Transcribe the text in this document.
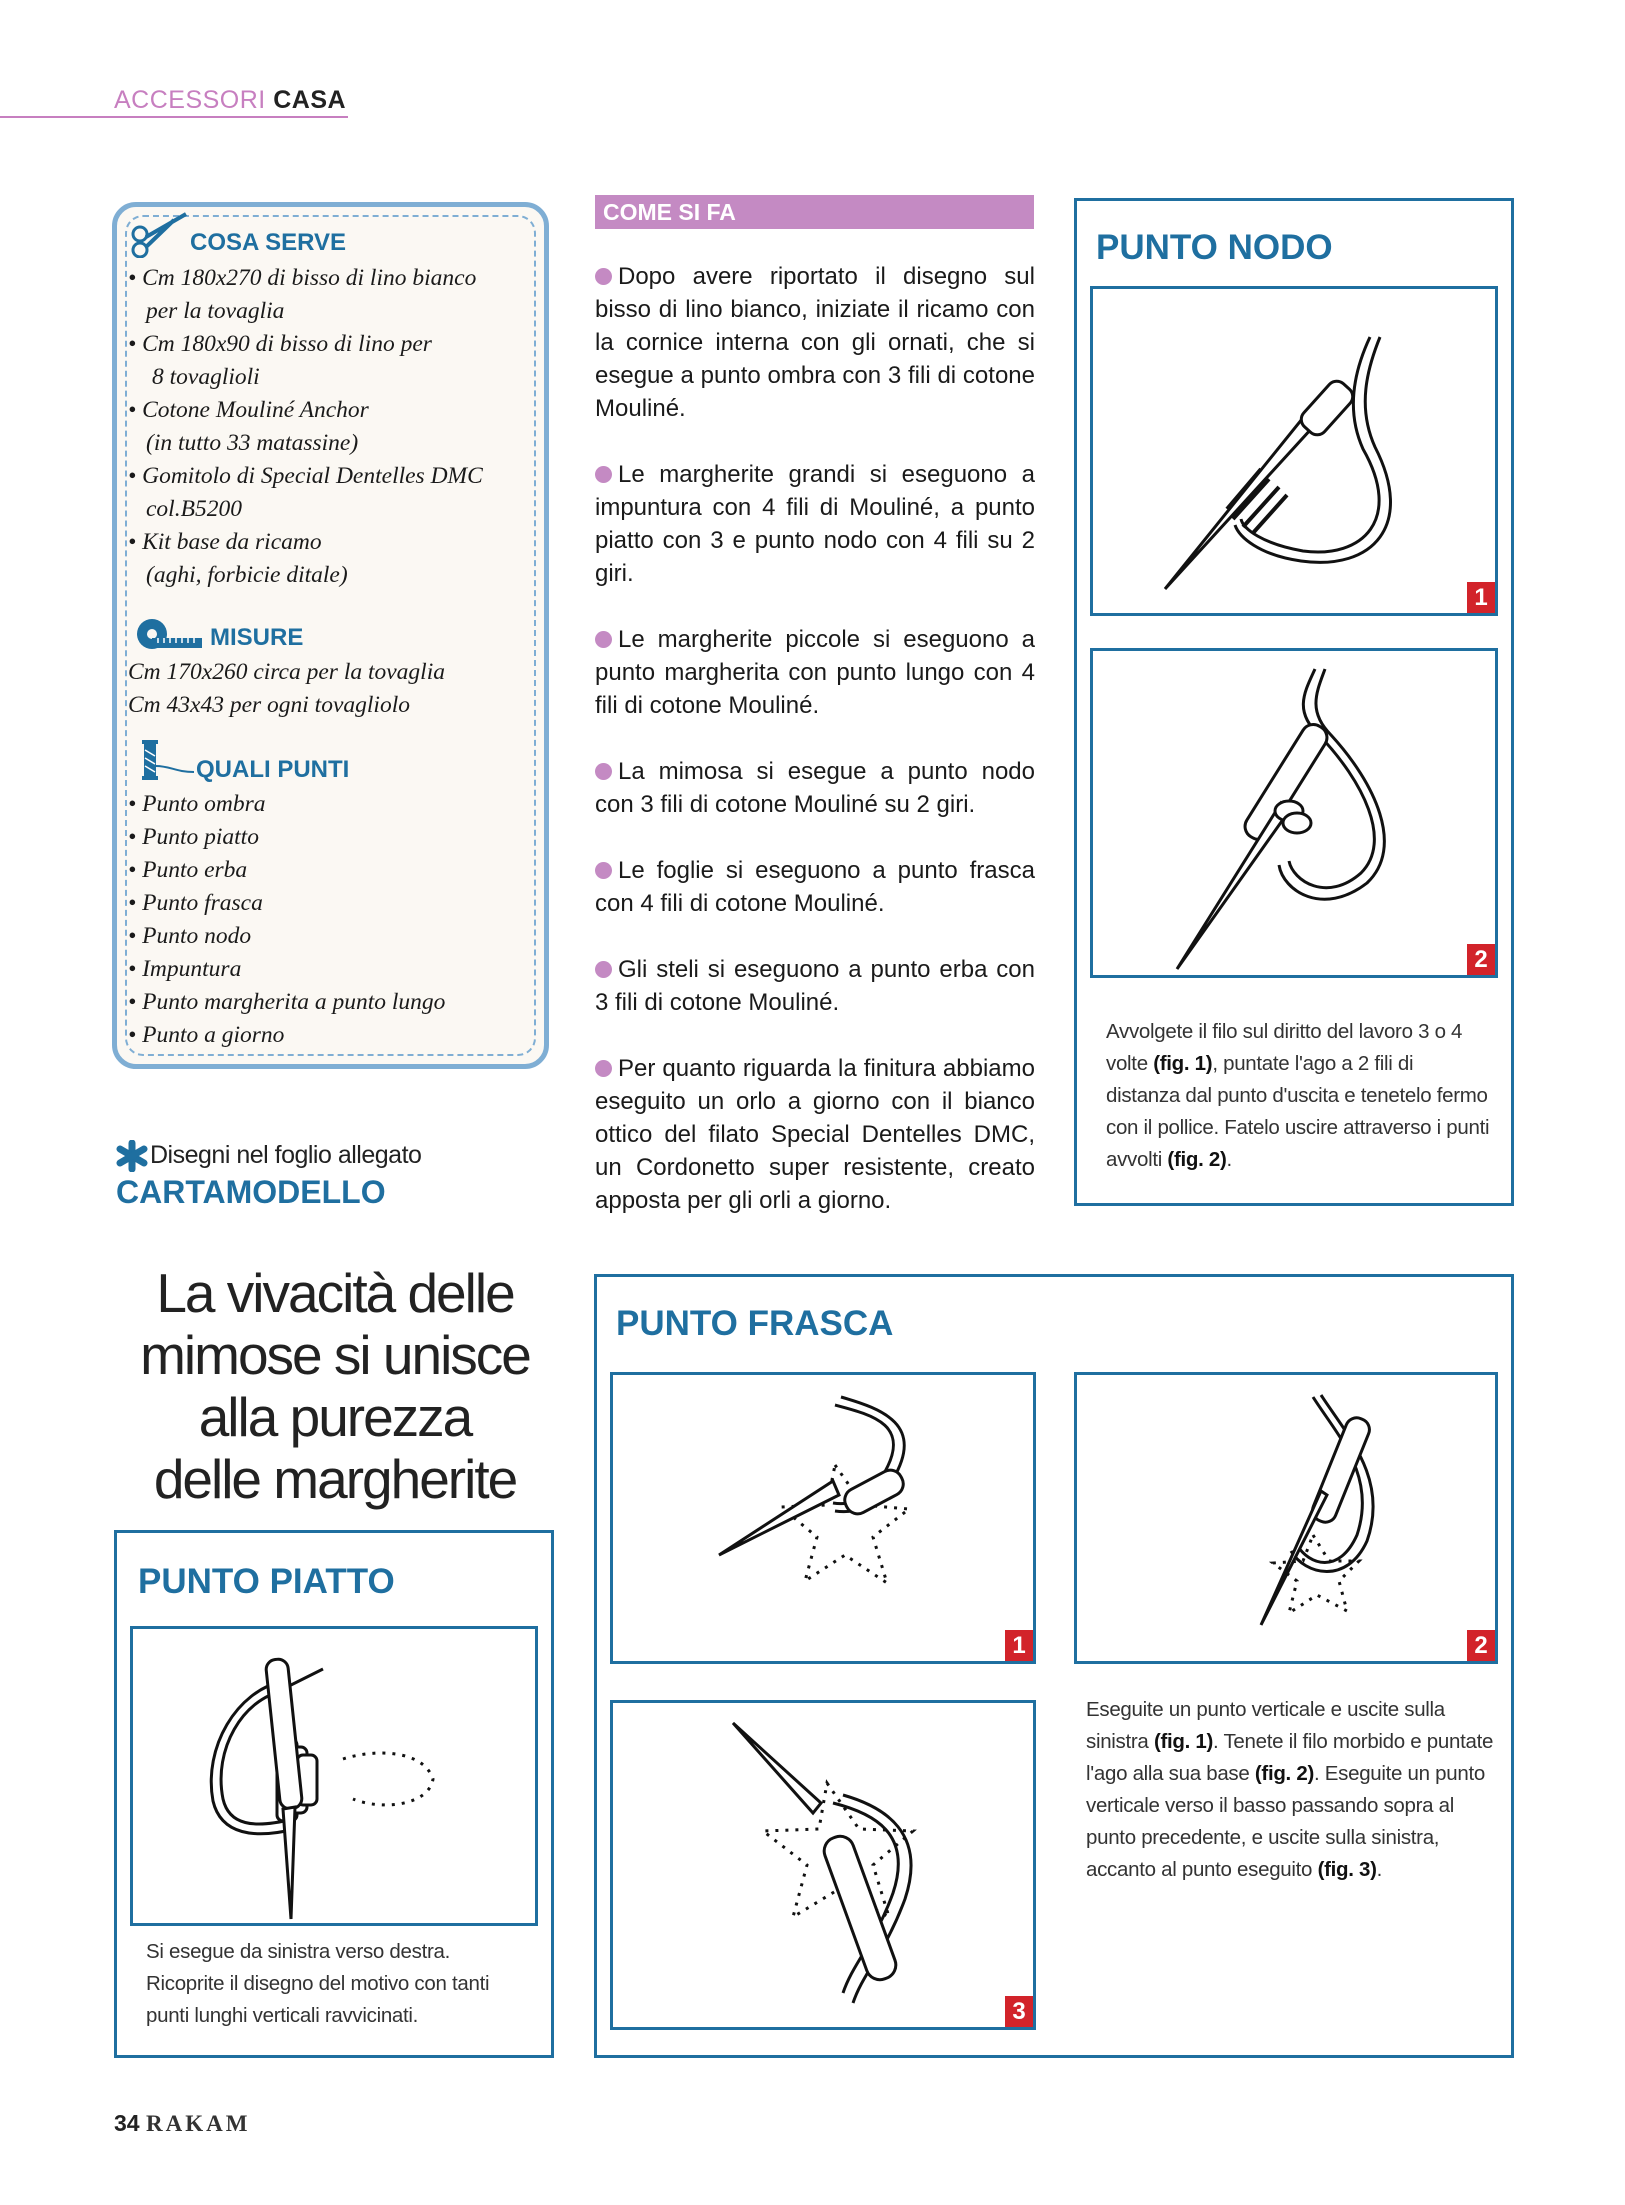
ACCESSORI CASA
COSA SERVE
• Cm 180x270 di bisso di lino bianco
per la tovaglia
• Cm 180x90 di bisso di lino per
8 tovaglioli
• Cotone Mouliné Anchor
(in tutto 33 matassine)
• Gomitolo di Special Dentelles DMC
col.B5200
• Kit base da ricamo
(aghi, forbicie ditale)
MISURE
Cm 170x260 circa per la tovaglia
Cm 43x43 per ogni tovagliolo
QUALI PUNTI
• Punto ombra
• Punto piatto
• Punto erba
• Punto frasca
• Punto nodo
• Impuntura
• Punto margherita a punto lungo
• Punto a giorno
Disegni nel foglio allegato
CARTAMODELLO
La vivacità delle
mimose si unisce
alla purezza
delle margherite
COME SI FA

Dopo avere riportato il disegno sul bisso di lino bianco, iniziate il ricamo con la cornice interna con gli ornati, che si esegue a punto ombra con 3 fili di cotone Mouliné.

Le margherite grandi si eseguono a impuntura con 4 fili di Mouliné, a punto piatto con 3 e punto nodo con 4 fili su 2 giri.

Le margherite piccole si eseguono a punto margherita con punto lungo con 4 fili di cotone Mouliné.

La mimosa si esegue a punto nodo con 3 fili di cotone Mouliné su 2 giri.

Le foglie si eseguono a punto frasca con 4 fili di cotone Mouliné.

Gli steli si eseguono a punto erba con 3 fili di cotone Mouliné.

Per quanto riguarda la finitura abbiamo eseguito un orlo a giorno con il bianco ottico del filato Special Dentelles DMC, un Cordonetto super resistente, creato apposta per gli orli a giorno.

PUNTO NODO
1
2
Avvolgete il filo sul diritto del lavoro 3 o 4 volte (fig. 1), puntate l'ago a 2 fili di distanza dal punto d'uscita e tenetelo fermo con il pollice. Fatelo uscire attraverso i punti avvolti (fig. 2).
PUNTO FRASCA
1	2
3
Eseguite un punto verticale e uscite sulla sinistra (fig. 1). Tenete il filo morbido e puntate l'ago alla sua base (fig. 2). Eseguite un punto verticale verso il basso passando sopra al punto precedente, e uscite sulla sinistra, accanto al punto eseguito (fig. 3).
PUNTO PIATTO
Si esegue da sinistra verso destra.
Ricoprite il disegno del motivo con tanti
punti lunghi verticali ravvicinati.
34 RAKAM
